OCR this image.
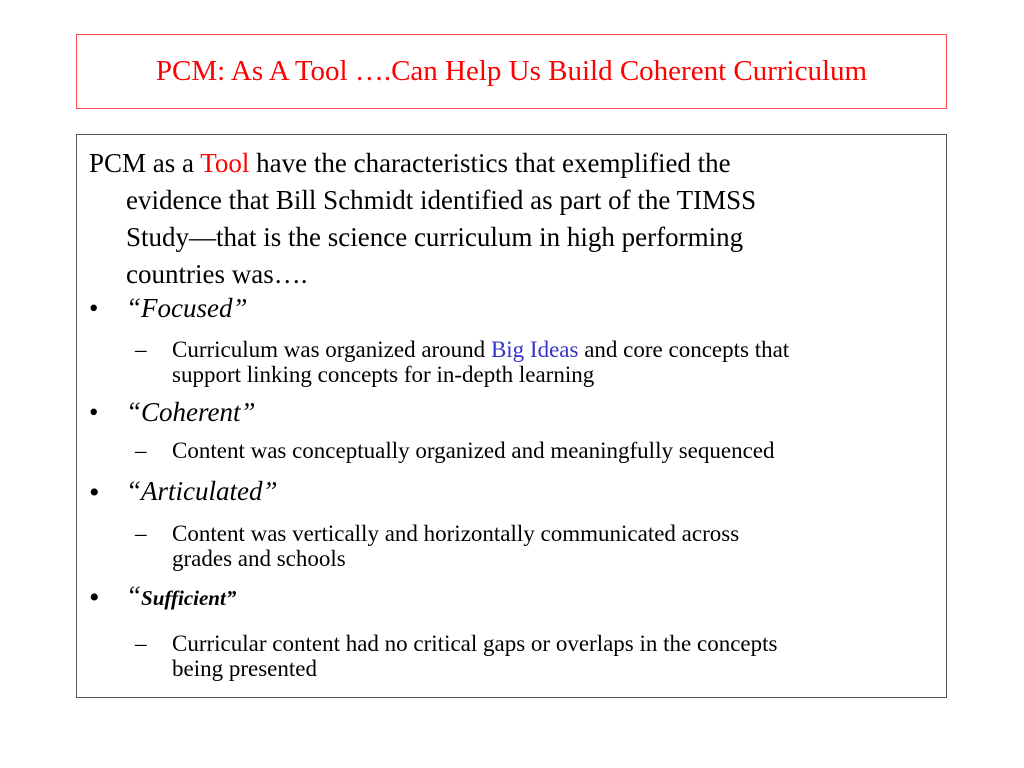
PCM: As A Tool ….Can Help Us Build Coherent Curriculum
PCM as a Tool have the characteristics that exemplified the
evidence that Bill Schmidt identified as part of the TIMSS
Study—that is the science curriculum in high performing
countries was….
•	“Focused”
– Curriculum was organized around Big Ideas and core concepts that
support linking concepts for in-depth learning
•	“Coherent”
– Content was conceptually organized and meaningfully sequenced
• “Articulated”
– Content was vertically and horizontally communicated across
grades and schools
• “Sufficient”
– Curricular content had no critical gaps or overlaps in the concepts
being presented
